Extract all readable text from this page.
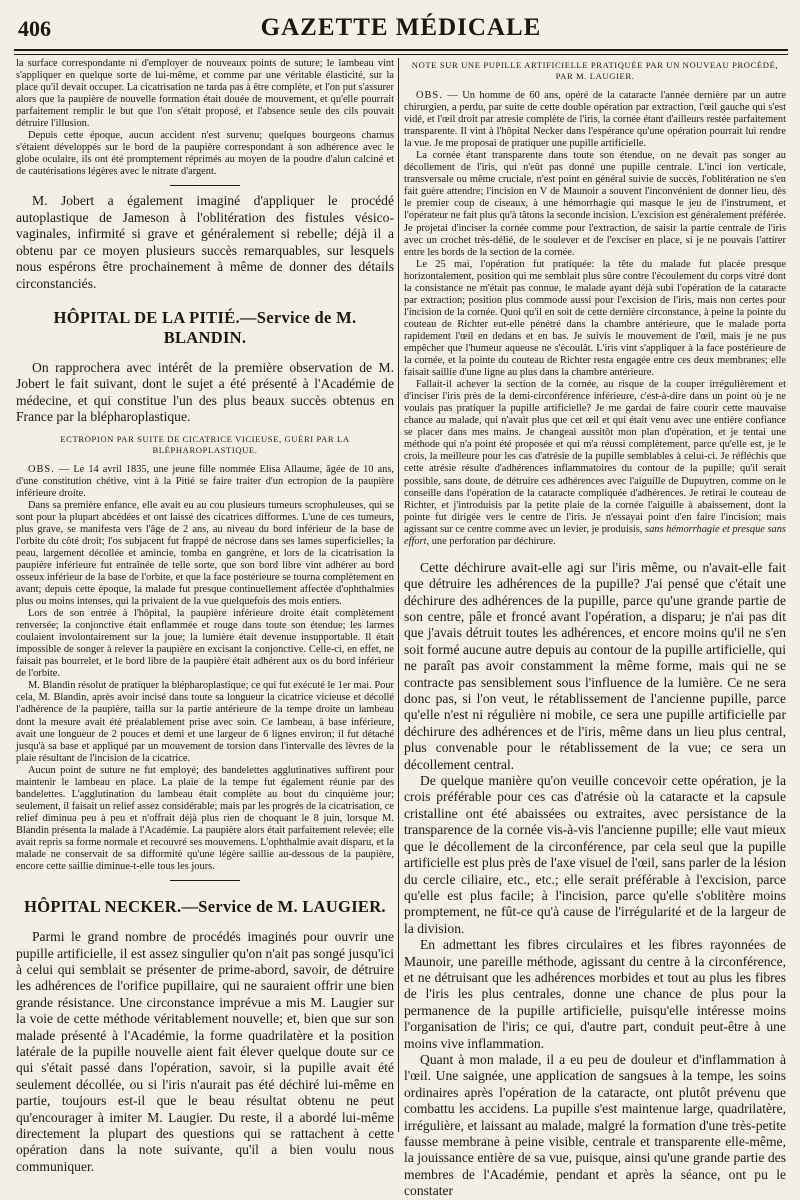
406	GAZETTE MÉDICALE

la surface correspondante ni d'employer de nouveaux points de suture; le lambeau vint s'appliquer en quelque sorte de lui-même, et comme par une véritable élasticité, sur la place qu'il devait occuper. La cicatrisation ne tarda pas à être complète, et l'on put s'assurer alors que la paupière de nouvelle formation était douée de mouvement, et qu'elle pourrait parfaitement remplir le but que l'on s'était proposé, et l'absence seule des cils pouvait détruire l'illusion.

Depuis cette époque, aucun accident n'est survenu; quelques bourgeons charnus s'étaient développés sur le bord de la paupière correspondant à son adhérence avec le globe oculaire, ils ont été promptement réprimés au moyen de la poudre d'alun calciné et de cautérisations légères avec le nitrate d'argent.

M. Jobert a également imaginé d'appliquer le procédé autoplastique de Jameson à l'oblitération des fistules vésico-vaginales, infirmité si grave et généralement si rebelle; déjà il a obtenu par ce moyen plusieurs succès remarquables, sur lesquels nous espérons être prochainement à même de donner des détails circonstanciés.

HÔPITAL DE LA PITIÉ.—Service de M. BLANDIN.

On rapprochera avec intérêt de la première observation de M. Jobert le fait suivant, dont le sujet a été présenté à l'Académie de médecine, et qui constitue l'un des plus beaux succès obtenus en France par la blépharoplastique.

ECTROPION PAR SUITE DE CICATRICE VICIEUSE, GUÉRI PAR LA BLÉPHAROPLASTIQUE.

OBS. — Le 14 avril 1835, une jeune fille nommée Elisa Allaume, âgée de 10 ans, d'une constitution chétive, vint à la Pitié se faire traiter d'un ectropion de la paupière inférieure droite.

Dans sa première enfance, elle avait eu au cou plusieurs tumeurs scrophuleuses, qui se sont pour la plupart abcédées et ont laissé des cicatrices difformes. L'une de ces tumeurs, plus grave, se manifesta vers l'âge de 2 ans, au niveau du bord inférieur de la base de l'orbite du côté droit; l'os subjacent fut frappé de nécrose dans ses lames superficielles; la peau, largement décollée et amincie, tomba en gangrène, et lors de la cicatrisation la paupière inférieure fut entraînée de telle sorte, que son bord libre vint adhérer au bord osseux inférieur de la base de l'orbite, et que la face postérieure se tourna complètement en avant; depuis cette époque, la malade fut presque continuellement affectée d'ophthalmies plus ou moins intenses, qui la privaient de la vue quelquefois des mois entiers.

Lors de son entrée à l'hôpital, la paupière inférieure droite était complètement renversée; la conjonctive était enflammée et rouge dans toute son étendue; les larmes coulaient involontairement sur la joue; la lumière était devenue insupportable. Il était impossible de songer à relever la paupière en excisant la conjonctive. Celle-ci, en effet, ne faisait pas bourrelet, et le bord libre de la paupière était adhérent aux os du bord inférieur de l'orbite.

M. Blandin résolut de pratiquer la blépharoplastique; ce qui fut exécuté le 1er mai. Pour cela, M. Blandin, après avoir incisé dans toute sa longueur la cicatrice vicieuse et décollé l'adhérence de la paupière, tailla sur la partie antérieure de la tempe droite un lambeau dont la mesure avait été préalablement prise avec soin. Ce lambeau, à base inférieure, avait une longueur de 2 pouces et demi et une largeur de 6 lignes environ; il fut détaché jusqu'à sa base et appliqué par un mouvement de torsion dans l'intervalle des lèvres de la plaie résultant de l'incision de la cicatrice.

Aucun point de suture ne fut employé; des bandelettes agglutinatives suffirent pour maintenir le lambeau en place. La plaie de la tempe fut également réunie par des bandelettes. L'agglutination du lambeau était complète au bout du cinquième jour; seulement, il faisait un relief assez considérable; mais par les progrès de la cicatrisation, ce relief diminua peu à peu et n'offrait déjà plus rien de choquant le 8 juin, lorsque M. Blandin présenta la malade à l'Académie. La paupière alors était parfaitement relevée; elle avait repris sa forme normale et recouvré ses mouvemens. L'ophthalmie avait disparu, et la malade ne conservait de sa difformité qu'une légère saillie au-dessous de la paupière, encore cette saillie diminue-t-elle tous les jours.

HÔPITAL NECKER.—Service de M. LAUGIER.

Parmi le grand nombre de procédés imaginés pour ouvrir une pupille artificielle, il est assez singulier qu'on n'ait pas songé jusqu'ici à celui qui semblait se présenter de prime-abord, savoir, de détruire les adhérences de l'orifice pupillaire, qui ne sauraient offrir une bien grande résistance. Une circonstance imprévue a mis M. Laugier sur la voie de cette méthode véritablement nouvelle; et, bien que sur son malade présenté à l'Académie, la forme quadrilatère et la position latérale de la pupille nouvelle aient fait élever quelque doute sur ce qui s'était passé dans l'opération, savoir, si la pupille avait été seulement décollée, ou si l'iris n'aurait pas été déchiré lui-même en partie, toujours est-il que le beau résultat obtenu ne peut qu'encourager à imiter M. Laugier. Du reste, il a abordé lui-même directement la plupart des questions qui se rattachent à cette opération dans la note suivante, qu'il a bien voulu nous communiquer.

NOTE SUR UNE PUPILLE ARTIFICIELLE PRATIQUÉE PAR UN NOUVEAU PROCÉDÉ, PAR M. LAUGIER.

OBS. — Un homme de 60 ans, opéré de la cataracte l'année dernière par un autre chirurgien, a perdu, par suite de cette double opération par extraction, l'œil gauche qui s'est vidé, et l'œil droit par atresie complète de l'iris, la cornée étant d'ailleurs restée parfaitement transparente. Il vint à l'hôpital Necker dans l'espérance qu'une opération pourrait lui rendre la vue. Je me proposai de pratiquer une pupille artificielle.

La cornée étant transparente dans toute son étendue, on ne devait pas songer au décollement de l'iris, qui n'eût pas donné une pupille centrale. L'inci ion verticale, transversale ou même cruciale, n'est point en général suivie de succès, l'oblitération ne s'en fait guère attendre; l'incision en V de Maunoir a souvent l'inconvénient de donner lieu, dès le premier coup de ciseaux, à une hémorrhagie qui masque le jeu de l'instrument, et l'opérateur ne fait plus qu'à tâtons la seconde incision. L'excision est généralement préférée. Je projetai d'inciser la cornée comme pour l'extraction, de saisir la partie centrale de l'iris avec un crochet très-délié, de le soulever et de l'exciser en place, si je ne pouvais l'attirer entre les bords de la section de la cornée.

Le 25 mai, l'opération fut pratiquée: la tête du malade fut placée presque horizontalement, position qui me semblait plus sûre contre l'écoulement du corps vitré dont la consistance ne m'était pas connue, le malade ayant déjà subi l'opération de la cataracte par extraction; position plus commode aussi pour l'excision de l'iris, mais non certes pour l'incision de la cornée. Quoi qu'il en soit de cette dernière circonstance, à peine la pointe du couteau de Richter eut-elle pénétré dans la chambre antérieure, que le malade porta rapidement l'œil en dedans et en bas. Je suivis le mouvement de l'œil, mais je ne pus empêcher que l'humeur aqueuse ne s'écoulât. L'iris vint s'appliquer à la face postérieure de la cornée, et la pointe du couteau de Richter resta engagée entre ces deux membranes; elle faisait saillie d'une ligne au plus dans la chambre antérieure.

Fallait-il achever la section de la cornée, au risque de la couper irrégulièrement et d'inciser l'iris près de la demi-circonférence inférieure, c'est-à-dire dans un point où je ne voulais pas pratiquer la pupille artificielle? Je me gardai de faire courir cette mauvaise chance au malade, qui n'avait plus que cet œil et qui était venu avec une entière confiance se placer dans mes mains. Je changeai aussitôt mon plan d'opération, et je tentai une méthode qui n'a point été proposée et qui m'a réussi complètement, parce qu'elle est, je le crois, la meilleure pour les cas d'atrésie de la pupille semblables à celui-ci. Je réfléchis que cette atrésie résulte d'adhérences inflammatoires du contour de la pupille; qu'il serait possible, sans doute, de détruire ces adhérences avec l'aiguille de Dupuytren, comme on le conseille dans l'opération de la cataracte compliquée d'adhérences. Je retirai le couteau de Richter, et j'introduisis par la petite plaie de la cornée l'aiguille à abaissement, dont la pointe fut dirigée vers le centre de l'iris. Je n'essayai point d'en faire l'incision; mais agissant sur ce centre comme avec un levier, je produisis, sans hémorrhagie et presque sans effort, une perforation par déchirure.

Cette déchirure avait-elle agi sur l'iris même, ou n'avait-elle fait que détruire les adhérences de la pupille? J'ai pensé que c'était une déchirure des adhérences de la pupille, parce qu'une grande partie de son centre, pâle et froncé avant l'opération, a disparu; je n'ai pas dit que j'avais détruit toutes les adhérences, et encore moins qu'il ne s'en soit formé aucune autre depuis au contour de la pupille artificielle, qui ne paraît pas avoir constamment la même forme, mais qui ne se contracte pas sensiblement sous l'influence de la lumière. Ce ne sera donc pas, si l'on veut, le rétablissement de l'ancienne pupille, parce qu'elle n'est ni régulière ni mobile, ce sera une pupille artificielle par déchirure des adhérences et de l'iris, même dans un lieu plus central, plus convenable pour le rétablissement de la vue; ce sera un décollement central.

De quelque manière qu'on veuille concevoir cette opération, je la crois préférable pour ces cas d'atrésie où la cataracte et la capsule cristalline ont été abaissées ou extraites, avec persistance de la transparence de la cornée vis-à-vis l'ancienne pupille; elle vaut mieux que le décollement de la circonférence, par cela seul que la pupille artificielle est plus près de l'axe visuel de l'œil, sans parler de la lésion du cercle ciliaire, etc., etc.; elle serait préférable à l'excision, parce qu'elle est plus facile; à l'incision, parce qu'elle s'oblitère moins promptement, ne fût-ce qu'à cause de l'irrégularité et de la largeur de la division.

En admettant les fibres circulaires et les fibres rayonnées de Maunoir, une pareille méthode, agissant du centre à la circonférence, et ne détruisant que les adhérences morbides et tout au plus les fibres de l'iris les plus centrales, donne une chance de plus pour la permanence de la pupille artificielle, puisqu'elle intéresse moins l'organisation de l'iris; ce qui, d'autre part, conduit peut-être à une moins vive inflammation.

Quant à mon malade, il a eu peu de douleur et d'inflammation à l'œil. Une saignée, une application de sangsues à la tempe, les soins ordinaires après l'opération de la cataracte, ont plutôt prévenu que combattu les accidens. La pupille s'est maintenue large, quadrilatère, irrégulière, et laissant au malade, malgré la formation d'une très-petite fausse membrane à peine visible, centrale et transparente elle-même, la jouissance entière de sa vue, puisque, ainsi qu'une grande partie des membres de l'Académie, pendant et après la séance, ont pu le constater
